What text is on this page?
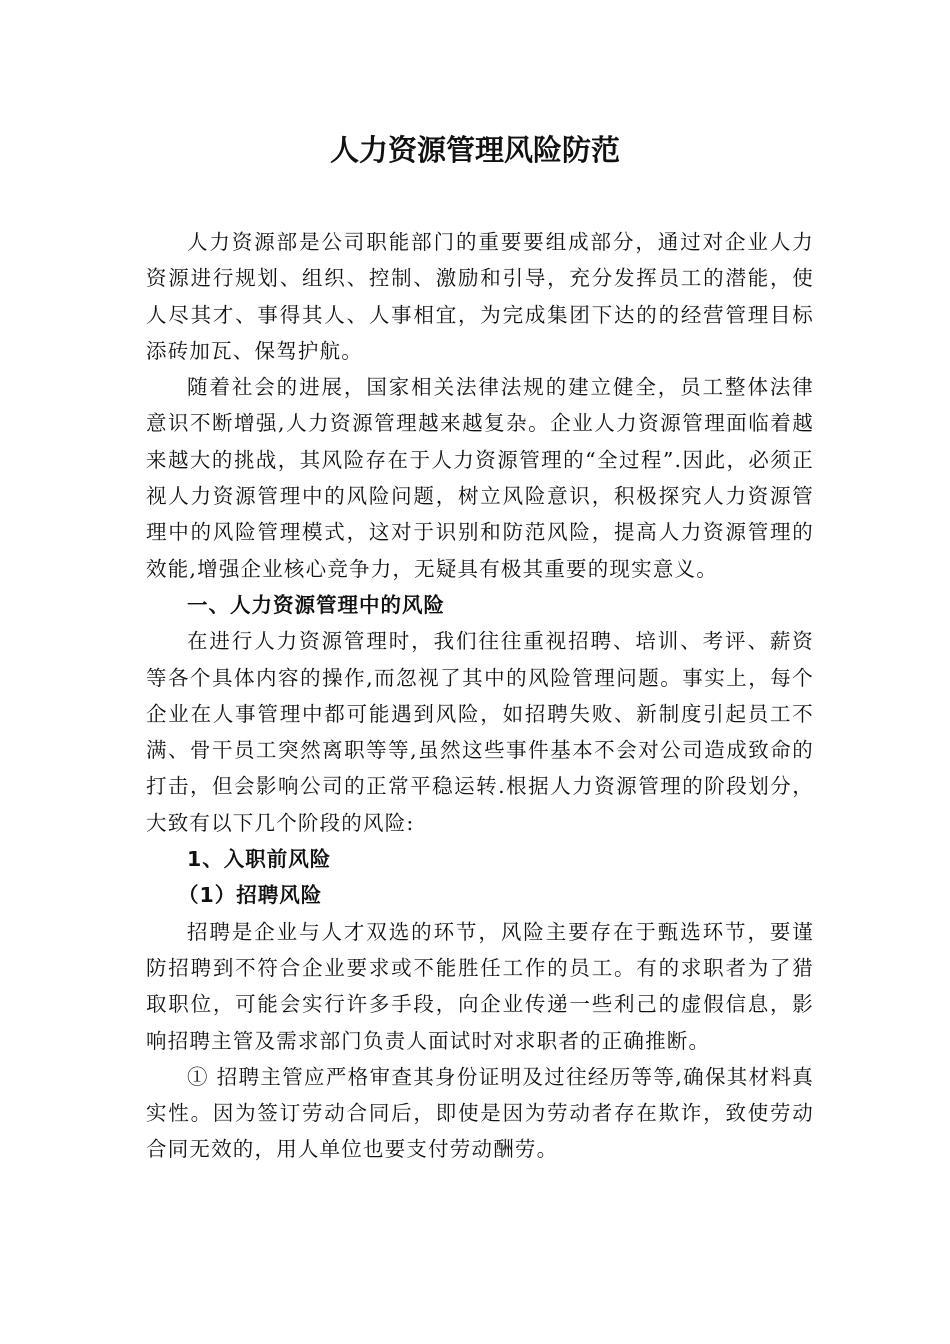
人力资源管理风险防范

人力资源部是公司职能部门的重要要组成部分，通过对企业人力资源进行规划、组织、控制、激励和引导，充分发挥员工的潜能，使人尽其才、事得其人、人事相宜，为完成集团下达的的经营管理目标添砖加瓦、保驾护航。

随着社会的进展，国家相关法律法规的建立健全，员工整体法律意识不断增强,人力资源管理越来越复杂。企业人力资源管理面临着越来越大的挑战，其风险存在于人力资源管理的“全过程”.因此，必须正视人力资源管理中的风险问题，树立风险意识，积极探究人力资源管理中的风险管理模式，这对于识别和防范风险，提高人力资源管理的效能,增强企业核心竞争力，无疑具有极其重要的现实意义。

一、人力资源管理中的风险

在进行人力资源管理时，我们往往重视招聘、培训、考评、薪资等各个具体内容的操作,而忽视了其中的风险管理问题。事实上，每个企业在人事管理中都可能遇到风险，如招聘失败、新制度引起员工不满、骨干员工突然离职等等,虽然这些事件基本不会对公司造成致命的打击，但会影响公司的正常平稳运转.根据人力资源管理的阶段划分，大致有以下几个阶段的风险:

1、入职前风险

（1）招聘风险

招聘是企业与人才双选的环节，风险主要存在于甄选环节，要谨防招聘到不符合企业要求或不能胜任工作的员工。有的求职者为了猎取职位，可能会实行许多手段，向企业传递一些利己的虚假信息，影响招聘主管及需求部门负责人面试时对求职者的正确推断。

① 招聘主管应严格审查其身份证明及过往经历等等,确保其材料真实性。因为签订劳动合同后，即使是因为劳动者存在欺诈，致使劳动合同无效的，用人单位也要支付劳动酬劳。
